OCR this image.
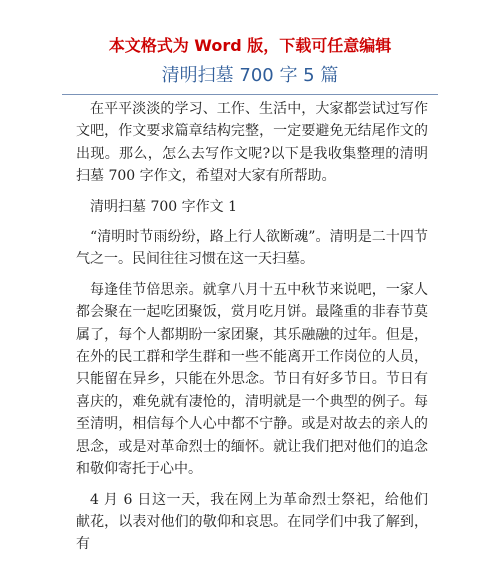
本文格式为 Word 版，下载可任意编辑
清明扫墓 700 字 5 篇

在平平淡淡的学习、工作、生活中，大家都尝试过写作文吧，作文要求篇章结构完整，一定要避免无结尾作文的出现。那么，怎么去写作文呢?以下是我收集整理的清明扫墓 700 字作文，希望对大家有所帮助。

清明扫墓 700 字作文 1

“清明时节雨纷纷，路上行人欲断魂”。清明是二十四节气之一。民间往往习惯在这一天扫墓。

每逢佳节倍思亲。就拿八月十五中秋节来说吧，一家人都会聚在一起吃团聚饭，赏月吃月饼。最隆重的非春节莫属了，每个人都期盼一家团聚，其乐融融的过年。但是，在外的民工群和学生群和一些不能离开工作岗位的人员，只能留在异乡，只能在外思念。节日有好多节日。节日有喜庆的，难免就有凄怆的，清明就是一个典型的例子。每至清明，相信每个人心中都不宁静。或是对故去的亲人的思念，或是对革命烈士的缅怀。就让我们把对他们的追念和敬仰寄托于心中。

4 月 6 日这一天，我在网上为革命烈士祭祀，给他们献花，以表对他们的敬仰和哀思。在同学们中我了解到，有
